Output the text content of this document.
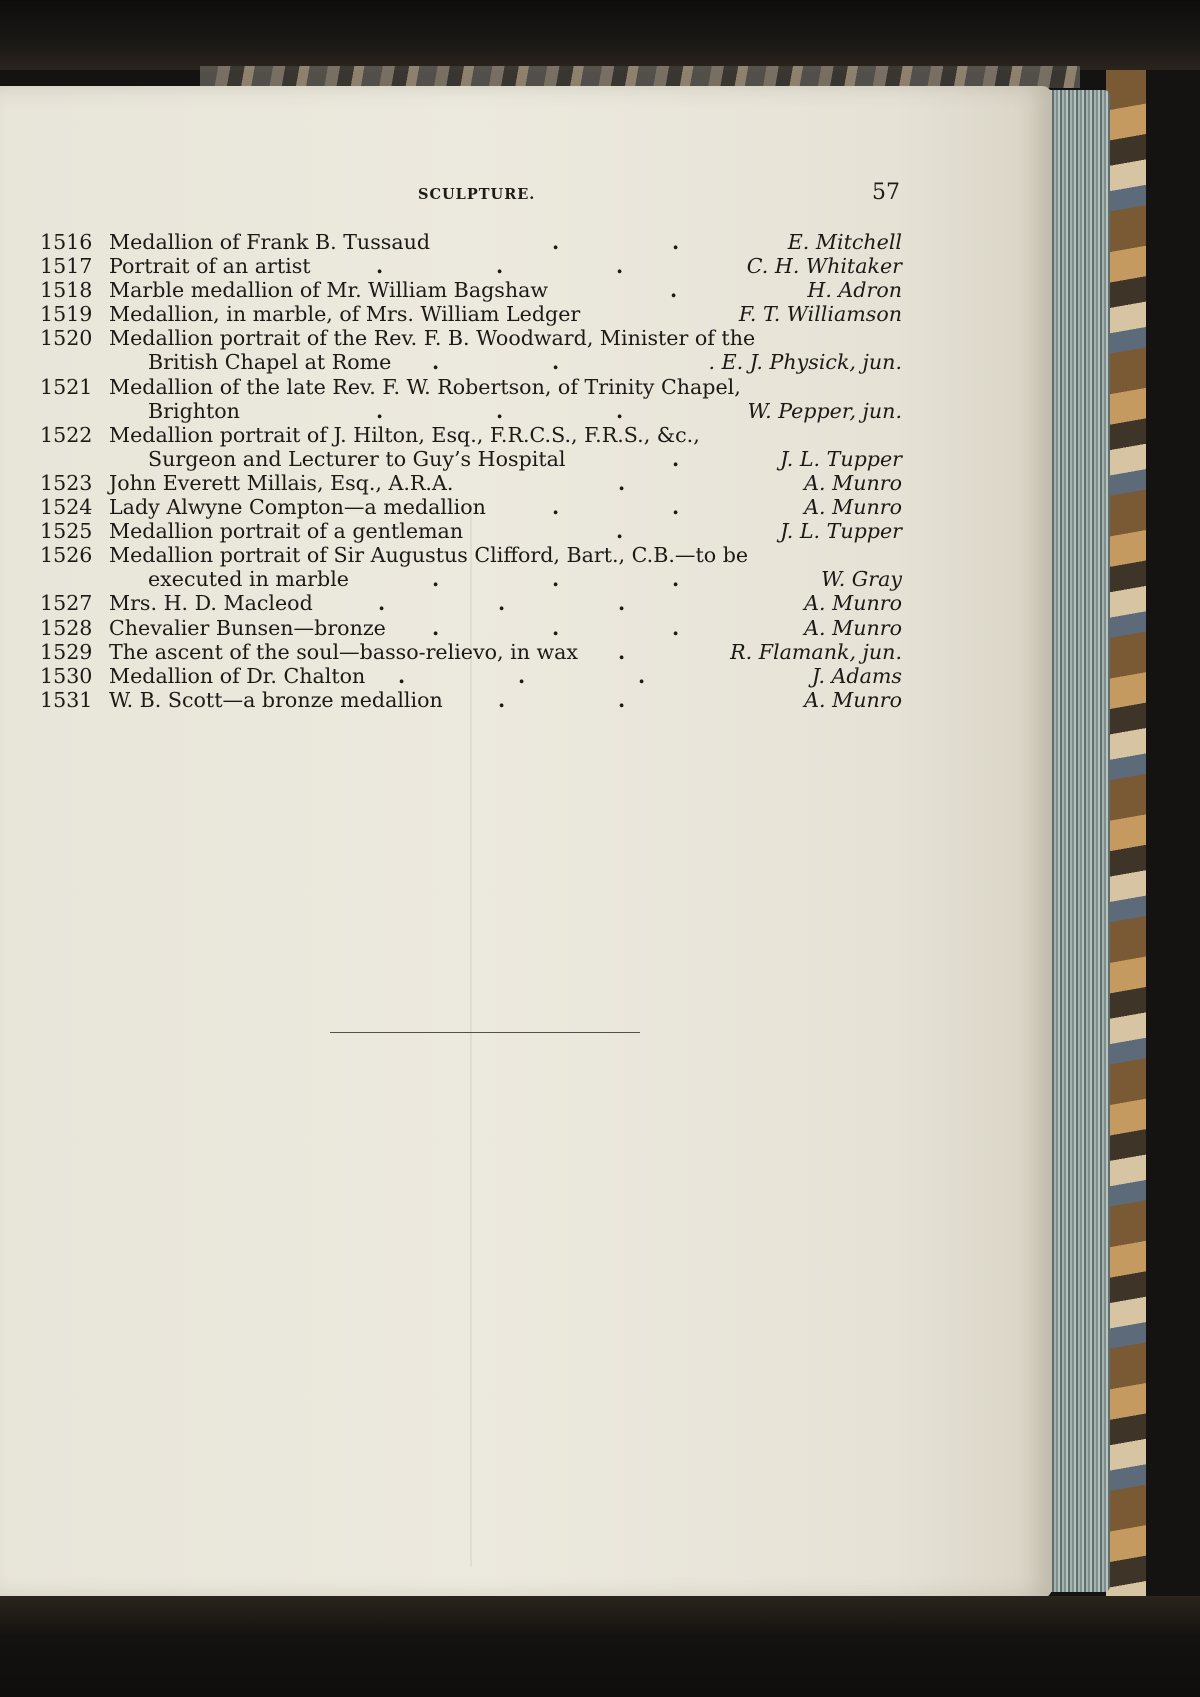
SCULPTURE.	57
1516 Medallion of Frank B. Tussaud	.	.	E. Mitchell
1517 Portrait of an artist	.	.	.	C. H. Whitaker
1518 Marble medallion of Mr. William Bagshaw	.	H. Adron
1519 Medallion, in marble, of Mrs. William Ledger	F. T. Williamson
1520 Medallion portrait of the Rev. F. B. Woodward, Minister of the
British Chapel at Rome .	.	. E. J. Physick, jun.
1521 Medallion of the late Rev. F. W. Robertson, of Trinity Chapel,
Brighton	.	.	.	W. Pepper, jun.
1522 Medallion portrait of J. Hilton, Esq., F.R.C.S., F.R.S., &c.,
Surgeon and Lecturer to Guy’s Hospital	.	J. L. Tupper
1523 John Everett Millais, Esq., A.R.A.	.	A. Munro
1524 Lady Alwyne Compton—a medallion	.	.	A. Munro
1525 Medallion portrait of a gentleman	.	J. L. Tupper
1526 Medallion portrait of Sir Augustus Clifford, Bart., C.B.—to be
executed in marble	.	.	.	W. Gray
1527 Mrs. H. D. Macleod	.	.	.	A. Munro
1528 Chevalier Bunsen—bronze .	.	.	A. Munro
1529 The ascent of the soul—basso-relievo, in wax .	R. Flamank, jun.
1530 Medallion of Dr. Chalton .	.	.	J. Adams
1531 W. B. Scott—a bronze medallion	.	.	A. Munro
